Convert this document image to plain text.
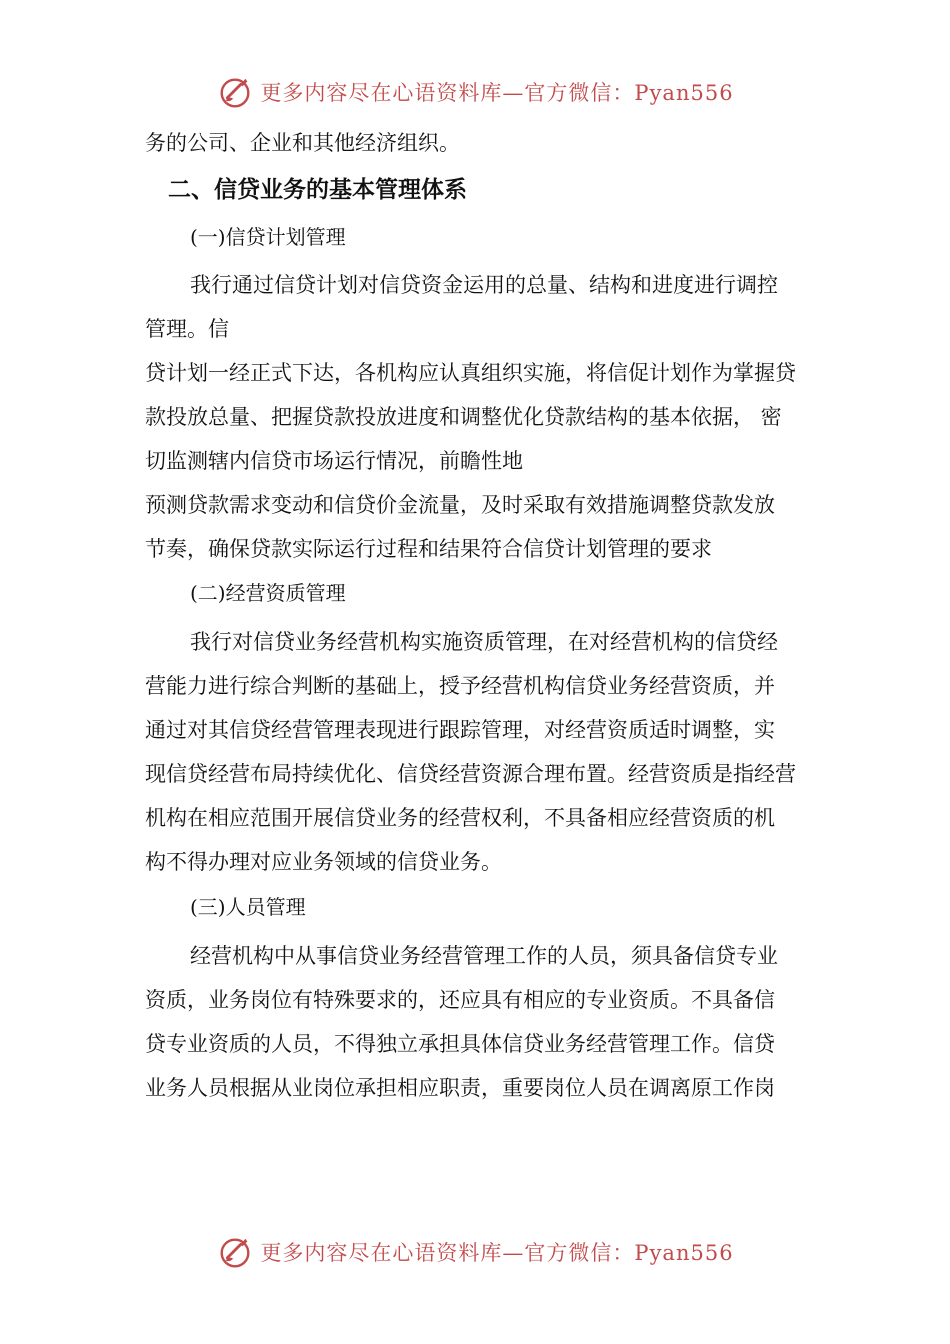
更多内容尽在心语资料库—官方微信：Pyan556
务的公司、企业和其他经济组织。
二、信贷业务的基本管理体系
(一)信贷计划管理
我行通过信贷计划对信贷资金运用的总量、结构和进度进行调控
管理。信
贷计划一经正式下达，各机构应认真组织实施，将信促计划作为掌握贷
款投放总量、把握贷款投放进度和调整优化贷款结构的基本依据， 密
切监测辖内信贷市场运行情况，前瞻性地
预测贷款需求变动和信贷价金流量，及时采取有效措施调整贷款发放
节奏，确保贷款实际运行过程和结果符合信贷计划管理的要求
(二)经营资质管理
我行对信贷业务经营机构实施资质管理，在对经营机构的信贷经
营能力进行综合判断的基础上，授予经营机构信贷业务经营资质，并
通过对其信贷经营管理表现进行跟踪管理，对经营资质适时调整，实
现信贷经营布局持续优化、信贷经营资源合理布置。经营资质是指经营
机构在相应范围开展信贷业务的经营权利，不具备相应经营资质的机
构不得办理对应业务领域的信贷业务。
(三)人员管理
经营机构中从事信贷业务经营管理工作的人员，须具备信贷专业
资质，业务岗位有特殊要求的，还应具有相应的专业资质。不具备信
贷专业资质的人员，不得独立承担具体信贷业务经营管理工作。信贷
业务人员根据从业岗位承担相应职责，重要岗位人员在调离原工作岗
更多内容尽在心语资料库—官方微信：Pyan556
